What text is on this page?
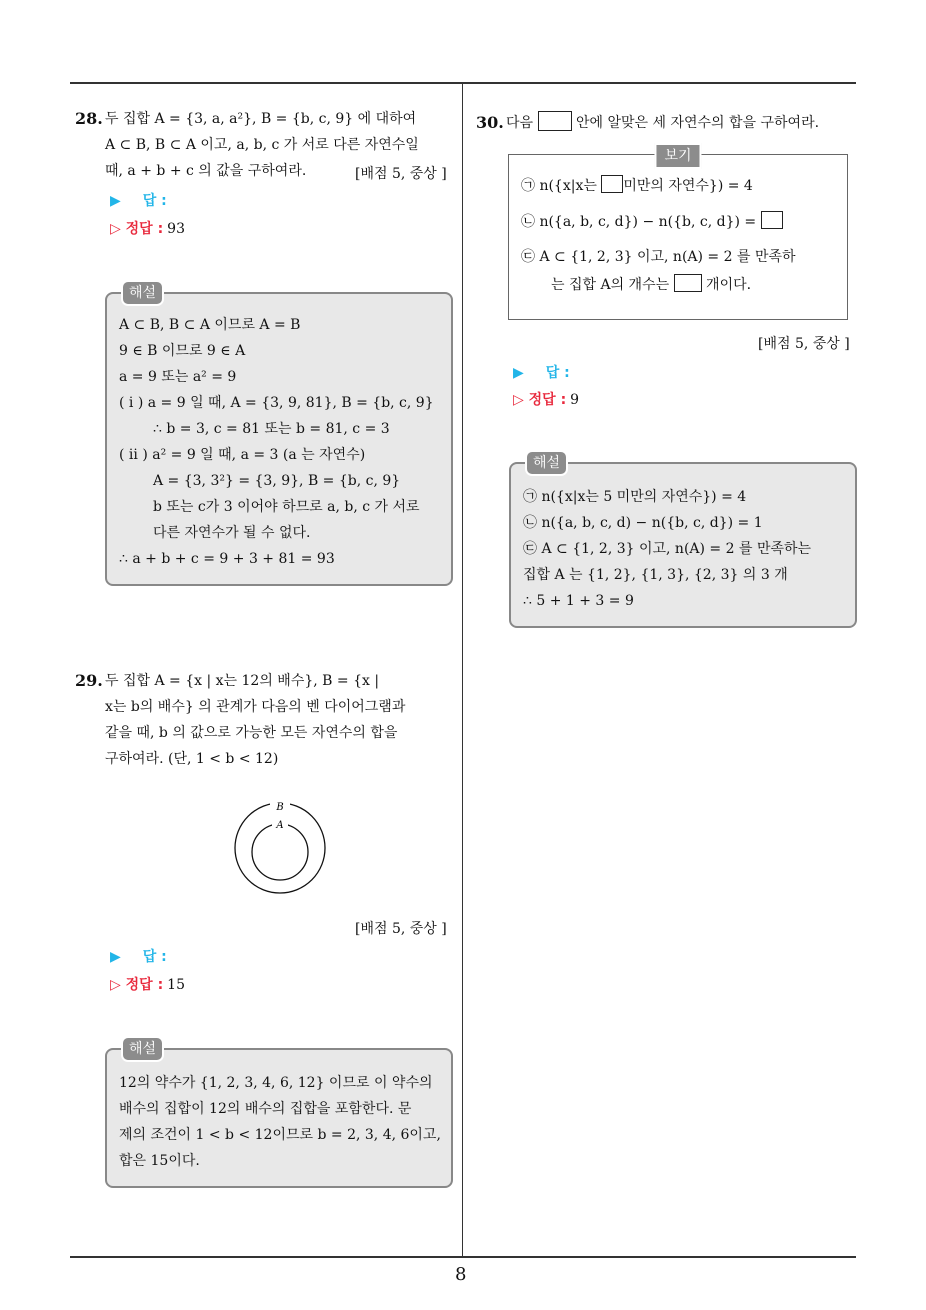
8
28. 두 집합 A = {3, a, a²}, B = {b, c, 9} 에 대하여
A ⊂ B, B ⊂ A 이고, a, b, c 가 서로 다른 자연수일
때, a + b + c 의 값을 구하여라.	[배점 5, 중상 ]
▶ 답 :
▷ 정답 : 93
해설
A ⊂ B, B ⊂ A 이므로 A = B
9 ∈ B 이므로 9 ∈ A
a = 9 또는 a² = 9
( i ) a = 9 일 때, A = {3, 9, 81}, B = {b, c, 9}
∴ b = 3, c = 81 또는 b = 81, c = 3
( ii ) a² = 9 일 때, a = 3 (a 는 자연수)
A = {3, 3²} = {3, 9}, B = {b, c, 9}
b 또는 c가 3 이어야 하므로 a, b, c 가 서로
다른 자연수가 될 수 없다.
∴ a + b + c = 9 + 3 + 81 = 93
29. 두 집합 A = {x | x는 12의 배수}, B = {x |
x는 b의 배수} 의 관계가 다음의 벤 다이어그램과
같을 때, b 의 값으로 가능한 모든 자연수의 합을
구하여라. (단, 1 < b < 12)
B
A
[배점 5, 중상 ]
▶ 답 :
▷ 정답 : 15
해설
12의 약수가 {1, 2, 3, 4, 6, 12} 이므로 이 약수의
배수의 집합이 12의 배수의 집합을 포함한다. 문
제의 조건이 1 < b < 12이므로 b = 2, 3, 4, 6이고,
합은 15이다.
30. 다음	안에 알맞은 세 자연수의 합을 구하여라.
보기
㉠ n({x|x는 미만의 자연수}) = 4
㉡ n({a, b, c, d}) − n({b, c, d}) =
㉢ A ⊂ {1, 2, 3} 이고, n(A) = 2 를 만족하
는 집합 A의 개수는	개이다.
[배점 5, 중상 ]
▶ 답 :
▷ 정답 : 9
해설
㉠ n({x|x는 5 미만의 자연수}) = 4
㉡ n({a, b, c, d) − n({b, c, d}) = 1
㉢ A ⊂ {1, 2, 3} 이고, n(A) = 2 를 만족하는
집합 A 는 {1, 2}, {1, 3}, {2, 3} 의 3 개
∴ 5 + 1 + 3 = 9
